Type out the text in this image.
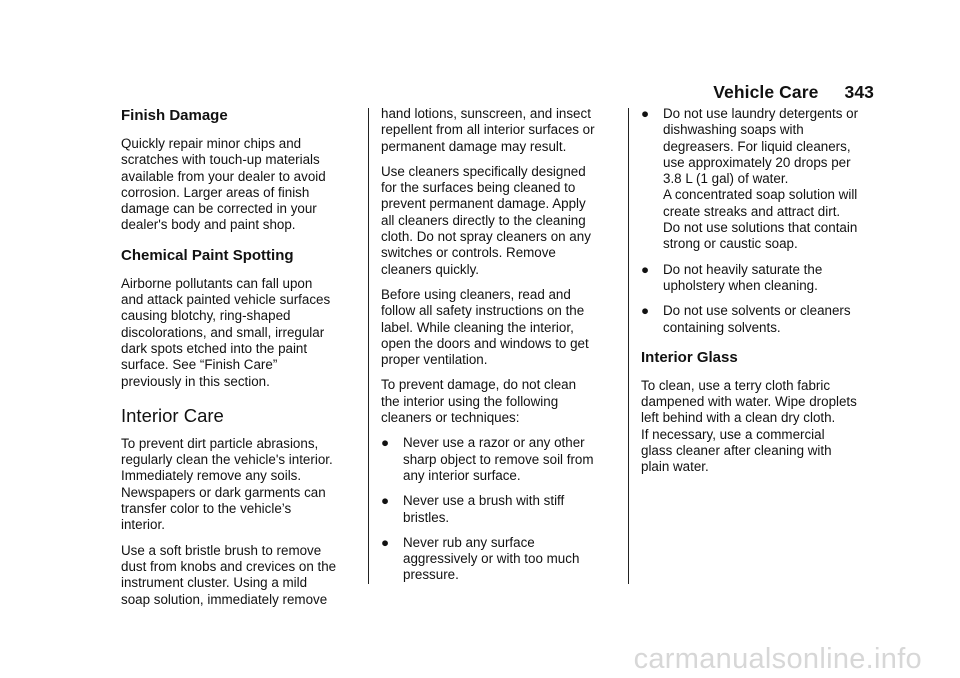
Vehicle Care 343
Finish Damage

Quickly repair minor chips and
scratches with touch-up materials
available from your dealer to avoid
corrosion. Larger areas of finish
damage can be corrected in your
dealer's body and paint shop.

Chemical Paint Spotting

Airborne pollutants can fall upon
and attack painted vehicle surfaces
causing blotchy, ring-shaped
discolorations, and small, irregular
dark spots etched into the paint
surface. See “Finish Care”
previously in this section.

Interior Care

To prevent dirt particle abrasions,
regularly clean the vehicle's interior.
Immediately remove any soils.
Newspapers or dark garments can
transfer color to the vehicle’s
interior.

Use a soft bristle brush to remove
dust from knobs and crevices on the
instrument cluster. Using a mild
soap solution, immediately remove

hand lotions, sunscreen, and insect
repellent from all interior surfaces or
permanent damage may result.

Use cleaners specifically designed
for the surfaces being cleaned to
prevent permanent damage. Apply
all cleaners directly to the cleaning
cloth. Do not spray cleaners on any
switches or controls. Remove
cleaners quickly.

Before using cleaners, read and
follow all safety instructions on the
label. While cleaning the interior,
open the doors and windows to get
proper ventilation.

To prevent damage, do not clean
the interior using the following
cleaners or techniques:

●	Never use a razor or any other
sharp object to remove soil from
any interior surface.
●	Never use a brush with stiff
bristles.
●	Never rub any surface
aggressively or with too much
pressure.
●	Do not use laundry detergents or
dishwashing soaps with
degreasers. For liquid cleaners,
use approximately 20 drops per
3.8 L (1 gal) of water.
A concentrated soap solution will
create streaks and attract dirt.
Do not use solutions that contain
strong or caustic soap.
●	Do not heavily saturate the
upholstery when cleaning.
●	Do not use solvents or cleaners
containing solvents.
Interior Glass

To clean, use a terry cloth fabric
dampened with water. Wipe droplets
left behind with a clean dry cloth.
If necessary, use a commercial
glass cleaner after cleaning with
plain water.

carmanualsonline.info
